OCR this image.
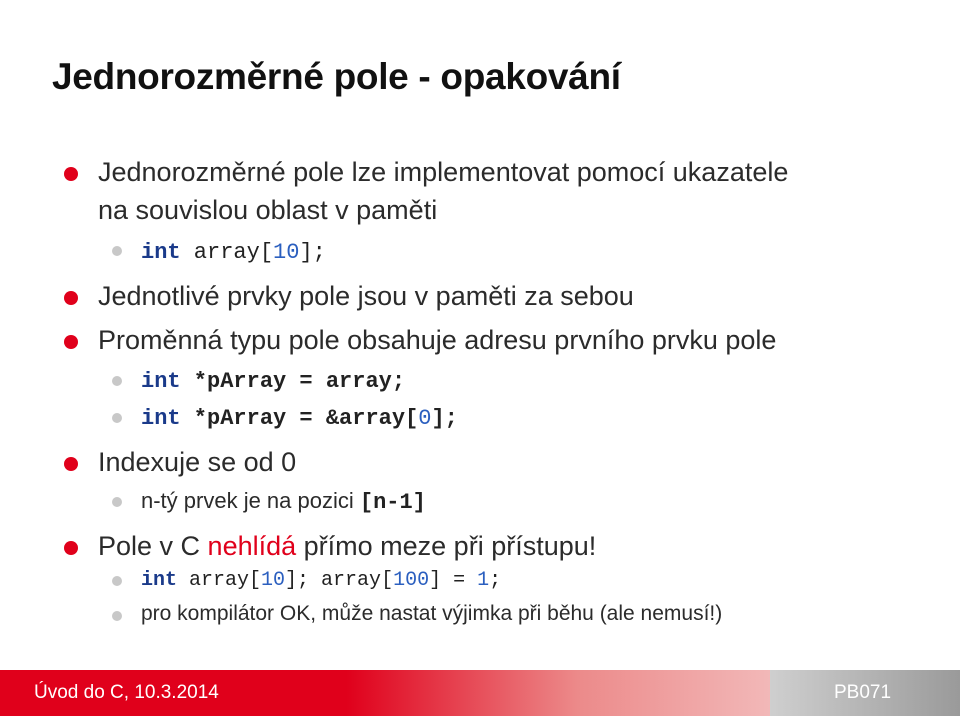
Jednorozměrné pole - opakování
Jednorozměrné pole lze implementovat pomocí ukazatele
na souvislou oblast v paměti
int array[10];
Jednotlivé prvky pole jsou v paměti za sebou
Proměnná typu pole obsahuje adresu prvního prvku pole
int *pArray = array;
int *pArray = &array[0];
Indexuje se od 0
n-tý prvek je na pozici [n-1]
Pole v C nehlídá přímo meze při přístupu!
int array[10]; array[100] = 1;
pro kompilátor OK, může nastat výjimka při běhu (ale nemusí!)
Úvod do C, 10.3.2014	PB071
